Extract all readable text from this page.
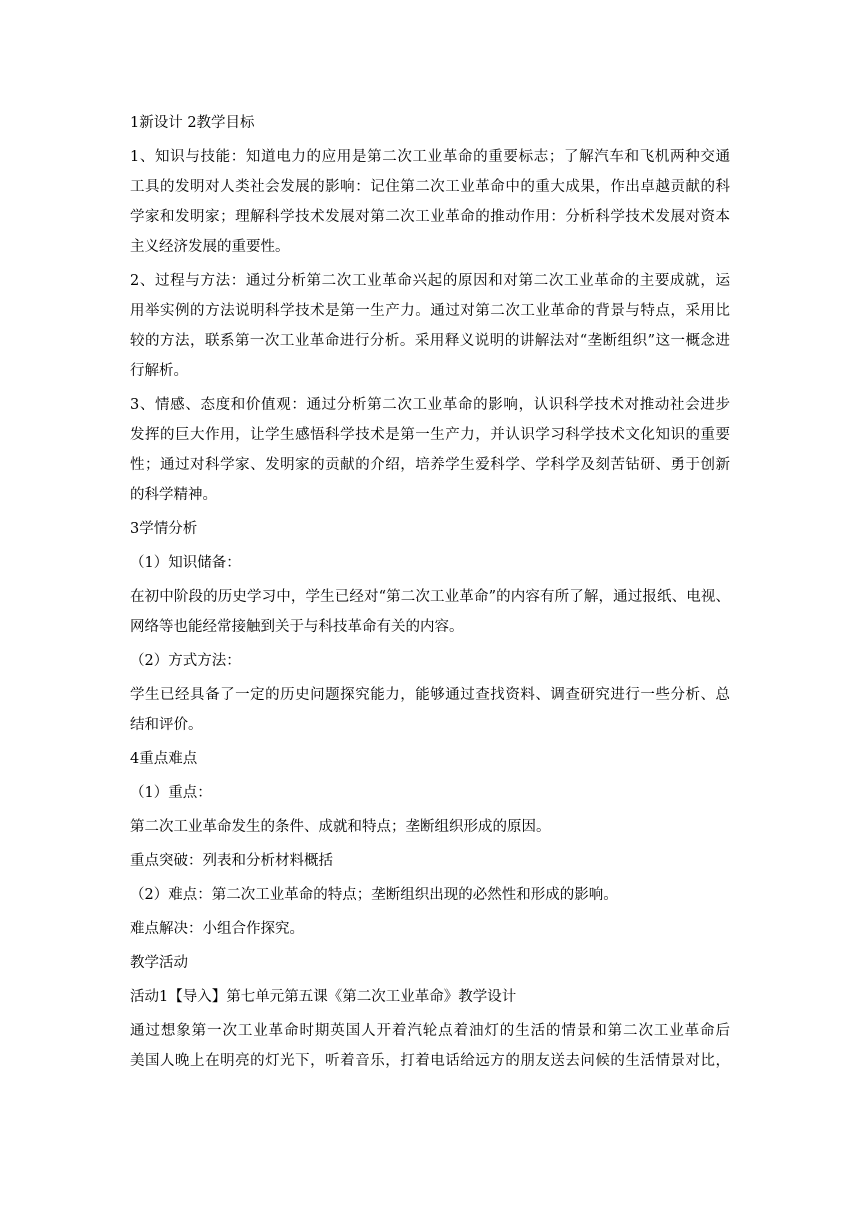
1新设计 2教学目标

1、知识与技能：知道电力的应用是第二次工业革命的重要标志；了解汽车和飞机两种交通

工具的发明对人类社会发展的影响：记住第二次工业革命中的重大成果，作出卓越贡献的科

学家和发明家；理解科学技术发展对第二次工业革命的推动作用：分析科学技术发展对资本

主义经济发展的重要性。

2、过程与方法：通过分析第二次工业革命兴起的原因和对第二次工业革命的主要成就，运

用举实例的方法说明科学技术是第一生产力。通过对第二次工业革命的背景与特点，采用比

较的方法，联系第一次工业革命进行分析。采用释义说明的讲解法对“垄断组织”这一概念进

行解析。

3、情感、态度和价值观：通过分析第二次工业革命的影响，认识科学技术对推动社会进步

发挥的巨大作用，让学生感悟科学技术是第一生产力，并认识学习科学技术文化知识的重要

性；通过对科学家、发明家的贡献的介绍，培养学生爱科学、学科学及刻苦钻研、勇于创新

的科学精神。

3学情分析

（1）知识储备：

在初中阶段的历史学习中，学生已经对“第二次工业革命”的内容有所了解，通过报纸、电视、

网络等也能经常接触到关于与科技革命有关的内容。

（2）方式方法：

学生已经具备了一定的历史问题探究能力，能够通过查找资料、调查研究进行一些分析、总

结和评价。

4重点难点

（1）重点：

第二次工业革命发生的条件、成就和特点；垄断组织形成的原因。

重点突破：列表和分析材料概括

（2）难点：第二次工业革命的特点；垄断组织出现的必然性和形成的影响。

难点解决：小组合作探究。

教学活动

活动1【导入】第七单元第五课《第二次工业革命》教学设计

通过想象第一次工业革命时期英国人开着汽轮点着油灯的生活的情景和第二次工业革命后

美国人晚上在明亮的灯光下，听着音乐，打着电话给远方的朋友送去问候的生活情景对比，
